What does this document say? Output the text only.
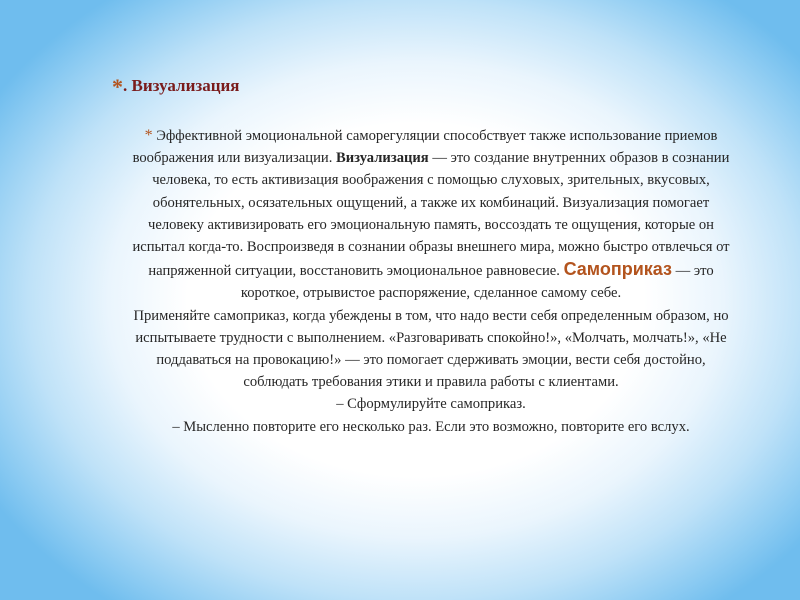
*. Визуализация

* Эффективной эмоциональной саморегуляции способствует также использование приемов воображения или визуализации. Визуализация — это создание внутренних образов в сознании человека, то есть активизация воображения с помощью слуховых, зрительных, вкусовых, обонятельных, осязательных ощущений, а также их комбинаций. Визуализация помогает человеку активизировать его эмоциональную память, воссоздать те ощущения, которые он испытал когда-то. Воспроизведя в сознании образы внешнего мира, можно быстро отвлечься от напряженной ситуации, восстановить эмоциональное равновесие. Самоприказ — это короткое, отрывистое распоряжение, сделанное самому себе.

Применяйте самоприказ, когда убеждены в том, что надо вести себя определенным образом, но испытываете трудности с выполнением. «Разговаривать спокойно!», «Молчать, молчать!», «Не поддаваться на провокацию!» — это помогает сдерживать эмоции, вести себя достойно, соблюдать требования этики и правила работы с клиентами.

– Сформулируйте самоприказ.

– Мысленно повторите его несколько раз. Если это возможно, повторите его вслух.
